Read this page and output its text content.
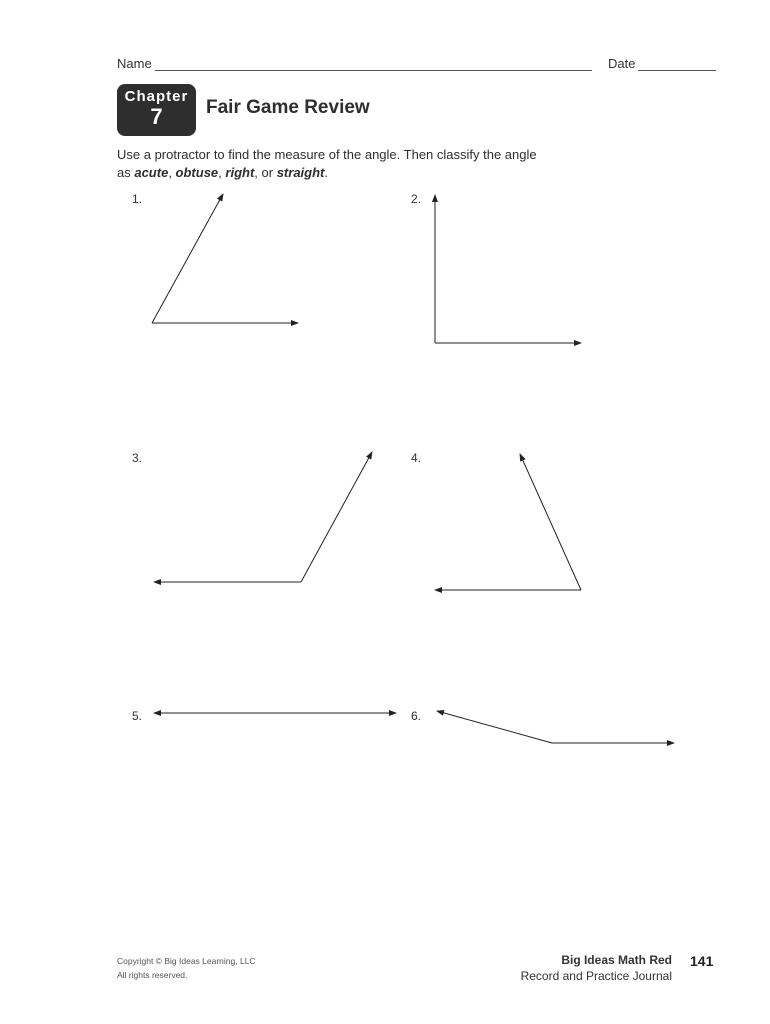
Name	Date
Chapter
7	Fair Game Review
Use a protractor to find the measure of the angle. Then classify the angle
as acute, obtuse, right, or straight.
1.	2.
3.	4.
5.	6.
Copyright © Big Ideas Learning, LLC
All rights reserved.
Big Ideas Math Red
Record and Practice Journal
141
